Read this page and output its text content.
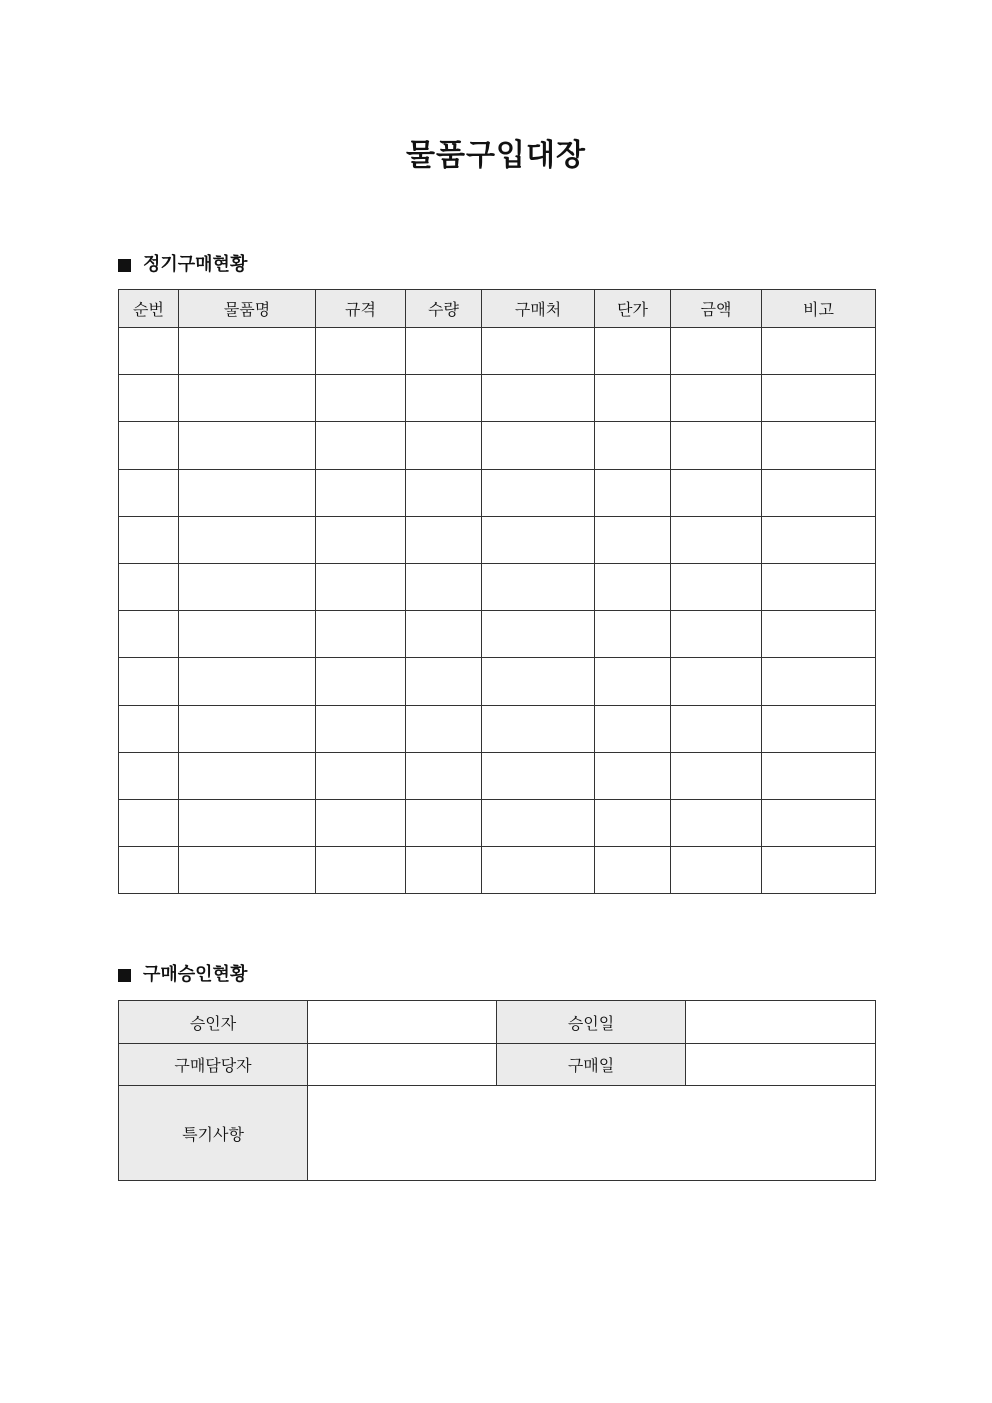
물품구입대장
정기구매현황
순번	물품명	규격	수량	구매처	단가	금액	비고

구매승인현황
승인자		승인일	
구매담당자		구매일	
특기사항			
